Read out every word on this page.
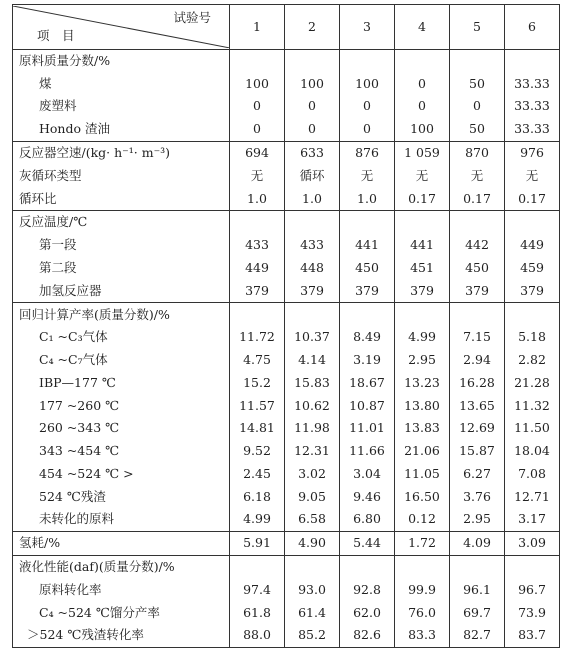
试验号
项　目	1	2	3	4	5	6
原料质量分数/%						
煤	100	100	100	0	50	33.33
废塑料	0	0	0	0	0	33.33
Hondo 渣油	0	0	0	100	50	33.33
反应器空速/(kg· h⁻¹· m⁻³)	694	633	876	1 059	870	976
灰循环类型	无	循环	无	无	无	无
循环比	1.0	1.0	1.0	0.17	0.17	0.17
反应温度/℃						
第一段	433	433	441	441	442	449
第二段	449	448	450	451	450	459
加氢反应器	379	379	379	379	379	379
回归计算产率(质量分数)/%						
C₁ ~C₃气体	11.72	10.37	8.49	4.99	7.15	5.18
C₄ ~C₇气体	4.75	4.14	3.19	2.95	2.94	2.82
IBP—177 ℃	15.2	15.83	18.67	13.23	16.28	21.28
177 ~260 ℃	11.57	10.62	10.87	13.80	13.65	11.32
260 ~343 ℃	14.81	11.98	11.01	13.83	12.69	11.50
343 ~454 ℃	9.52	12.31	11.66	21.06	15.87	18.04
454 ~524 ℃ >	2.45	3.02	3.04	11.05	6.27	7.08
524 ℃残渣	6.18	9.05	9.46	16.50	3.76	12.71
未转化的原料	4.99	6.58	6.80	0.12	2.95	3.17
氢耗/%	5.91	4.90	5.44	1.72	4.09	3.09
液化性能(daf)(质量分数)/%						
原料转化率	97.4	93.0	92.8	99.9	96.1	96.7
C₄ ~524 ℃馏分产率	61.8	61.4	62.0	76.0	69.7	73.9
＞524 ℃残渣转化率	88.0	85.2	82.6	83.3	82.7	83.7
